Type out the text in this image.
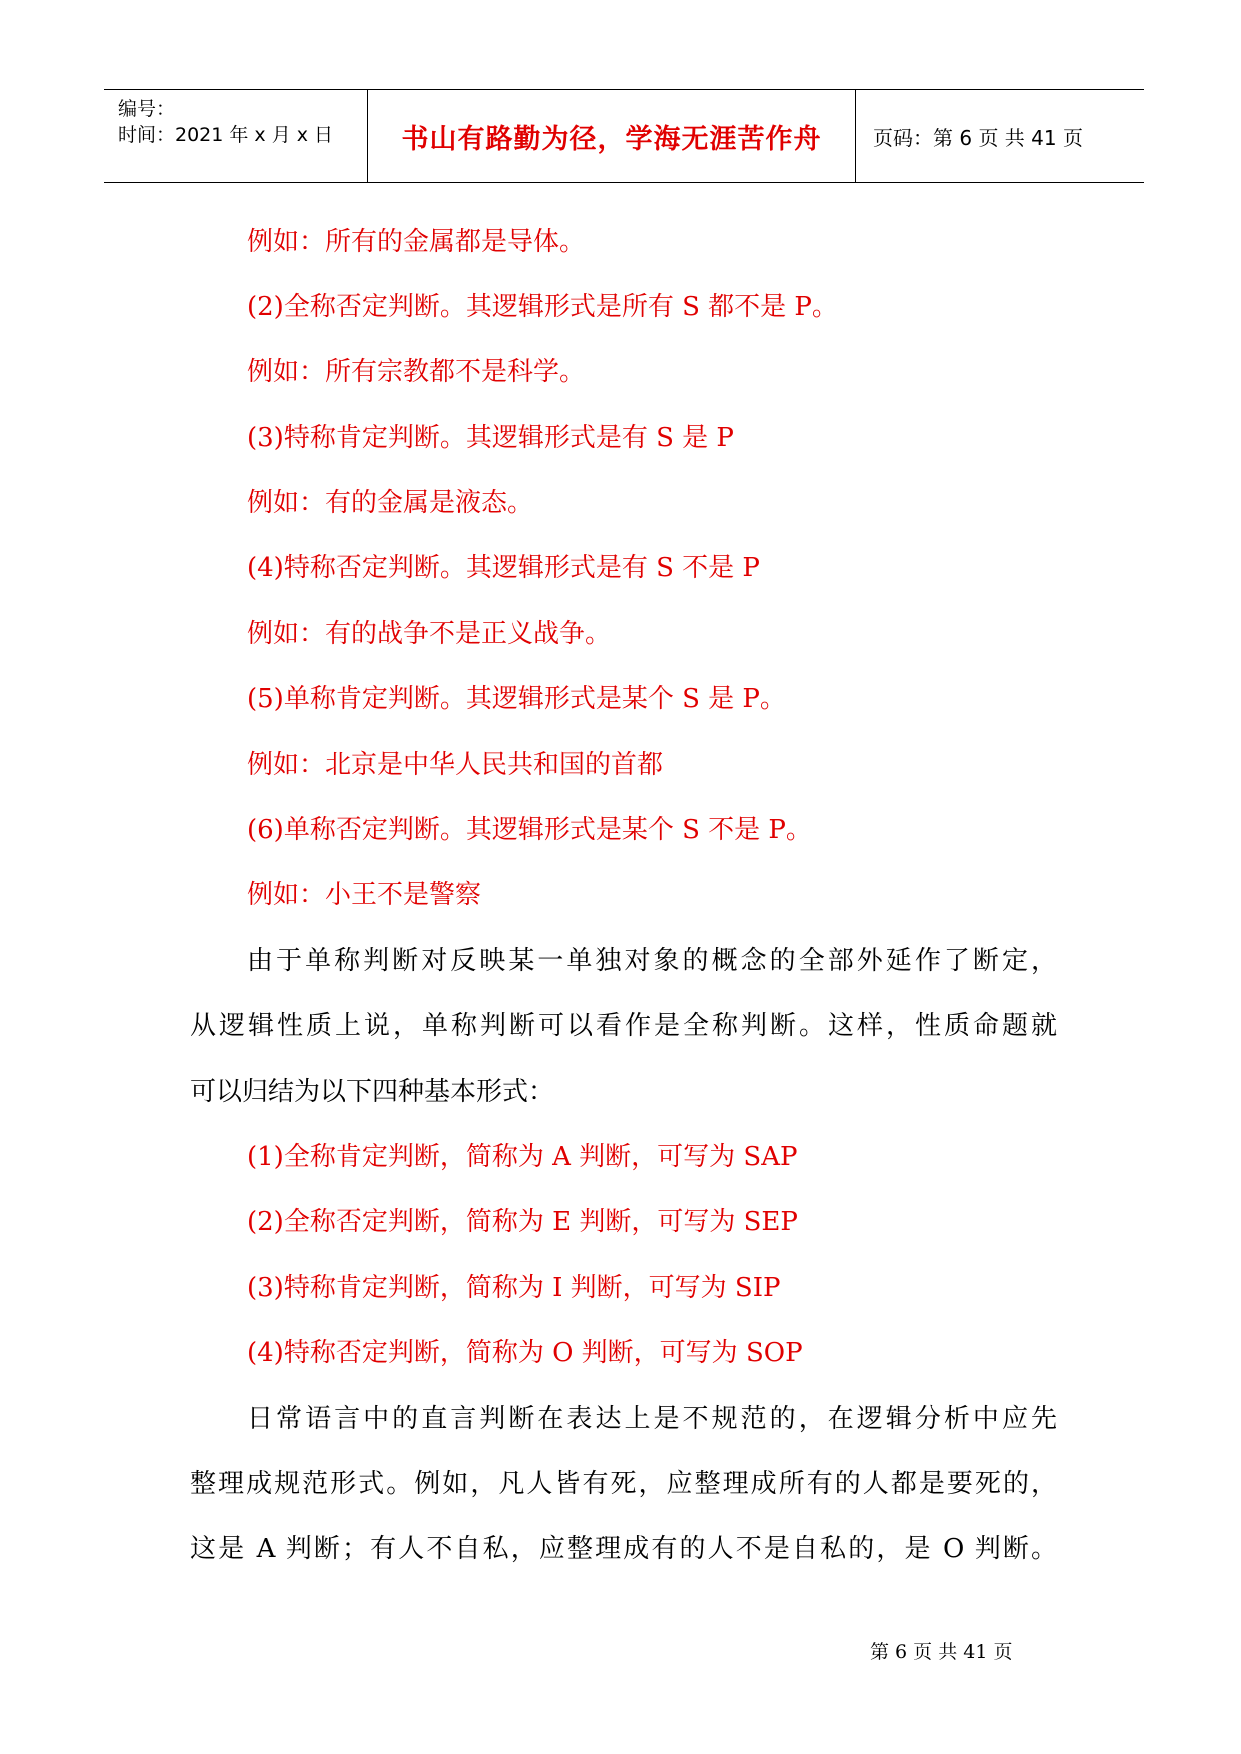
编号：
时间：2021 年 x 月 x 日	书山有路勤为径，学海无涯苦作舟	页码：第 6 页 共 41 页
例如：所有的金属都是导体。
(2)全称否定判断。其逻辑形式是所有 S 都不是 P。
例如：所有宗教都不是科学。
(3)特称肯定判断。其逻辑形式是有 S 是 P
例如：有的金属是液态。
(4)特称否定判断。其逻辑形式是有 S 不是 P
例如：有的战争不是正义战争。
(5)单称肯定判断。其逻辑形式是某个 S 是 P。
例如：北京是中华人民共和国的首都
(6)单称否定判断。其逻辑形式是某个 S 不是 P。
例如：小王不是警察
由于单称判断对反映某一单独对象的概念的全部外延作了断定，
从逻辑性质上说，单称判断可以看作是全称判断。这样，性质命题就
可以归结为以下四种基本形式：
(1)全称肯定判断，简称为 A 判断，可写为 SAP
(2)全称否定判断，简称为 E 判断，可写为 SEP
(3)特称肯定判断，简称为 I 判断，可写为 SIP
(4)特称否定判断，简称为 O 判断，可写为 SOP
日常语言中的直言判断在表达上是不规范的，在逻辑分析中应先
整理成规范形式。例如，凡人皆有死，应整理成所有的人都是要死的，
这是 A 判断；有人不自私，应整理成有的人不是自私的，是 O 判断。
第 6 页 共 41 页
